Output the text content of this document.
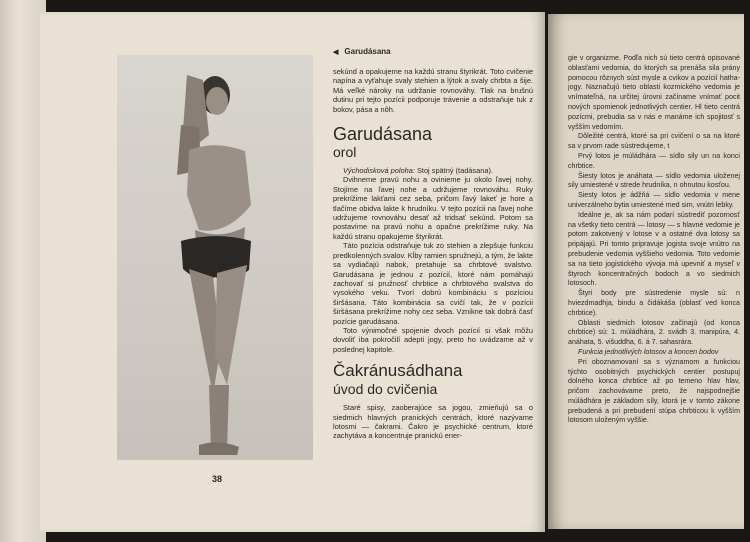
38
◀ Garudásana

sekúnd a opakujeme na každú stranu štyrikrát. Toto cvičenie napína a vyťahuje svaly stehien a lýtok a svaly chrbta a šije. Má veľké nároky na udržanie rovnováhy. Tlak na brušnú dutinu pri tejto pozícii podporuje trávenie a odstraňuje tuk z bokov, pása a nôh.

Garudásana
orol

Východisková poloha: Stoj spätný (tadásana).

Dvihneme pravú nohu a ovinieme ju okolo ľavej nohy. Stojíme na ľavej nohe a udržujeme rovnováhu. Ruky prekrížime lakťami cez seba, pričom ľavý lakeť je hore a tlačíme obidva lakte k hrudníku. V tejto pozícii na ľavej nohe udržujeme rovnováhu desať až tridsať sekúnd. Potom sa postavíme na pravú nohu a opačne prekrížime ruky. Na každú stranu opakujeme štyrikrát.

Táto pozícia odstraňuje tuk zo stehien a zlepšuje funkciu predkolenných svalov. Kĺby ramien spružnejú, a tým, že lakte sa vydiačajú nabok, pretahuje sa chrbtové svalstvo. Garudásana je jednou z pozícií, ktoré nám pomáhajú zachovať si pružnosť chrbtice a chrbtového svalstva do vysokého veku. Tvorí dobrú kombináciu s pozíciou širšásana. Táto kombinácia sa cvičí tak, že v pozícii širšásana prekrížime nohy cez seba. Vznikne tak dobrá časť pozície garudásana.

Toto výnimočné spojenie dvoch pozícií si však môžu dovoliť iba pokročilí adepti jogy, preto ho uvádzame až v poslednej kapitole.

Čakránusádhana
úvod do cvičenia

Staré spisy, zaoberajúce sa jogou, zmieňujú sa o siedmich hlavných pranických centrách, ktoré nazývame lotosmi — čakrami. Čakro je psychické centrum, ktoré zachytáva a koncentruje pranickú ener-

gie v organizme. Podľa nich sú tieto centrá opisované oblasťami vedomia, do ktorých sa prenáša sila prány pomocou rôznych súst mysle a cvikov a pozícií hatha-jogy. Naznačujú tieto oblasti kozmického vedomia je vnímateľná, na určitej úrovni začíname vnímať pocit nových spomienok jednotlivých centier. Hl tieto centrá pozícmi, prebudia sa v nás e manáme ich spojitosť s vyšším vedomím.

Dôležité centrá, ktoré sa pri cvičení o sa na ktoré sa v prvom rade sústredujeme, t

Prvý lotos je múládhára — sídlo sily un na konci chrbtice.

Šiesty lotos je anáhata — sídlo vedomia uloženej sily umiestené v strede hrudníka, n ohnutou kosťou.

Siesty lotos je ádžňá — sídlo vedomia v mene univerzálneho bytia umiestené med sim, vnútri lebky.

Ideálne je, ak sa nám podarí sústrediť pozornosť na všetky tieto centrá — lotosy — s hlavné vedomie je potom zakotvený v lotose v a ostatné dva lotosy sa pripájajú. Pri tomto pripravuje jogista svoje vnútro na prebudenie vedomia vyššieho vedomia. Toto vedomie sa na tieto jogistického vývoja má upevniť a myseľ v štyroch koncentračných bodoch a vo siedmich lotosoch.

Štyri body pre sústredenie mysle sú: n hviezdmadhja, bindu a čidákáša (oblasť ved konca chrbtice).

Oblasti siedmich lotosov začínajú (od konca chrbtice) sú: 1. múládhára, 2. svádh 3. manipúra, 4. anáhata, 5. višuddha, 6. á 7. sahasrára.

Funkcia jednotlivých lotosov a koncen bodov

Pri oboznamovaní sa s významom a funkciou týchto osobitných psychických centier postupuj dolného konca chrbtice až po temeno hlav hlav, pričom zachovávame preto, že najspodnejšie múládhára je základom síly, ktorá je v tomto zákone prebudená a pri prebudení stúpa chrbticou k vyšším lotosom uloženým vyššie.
